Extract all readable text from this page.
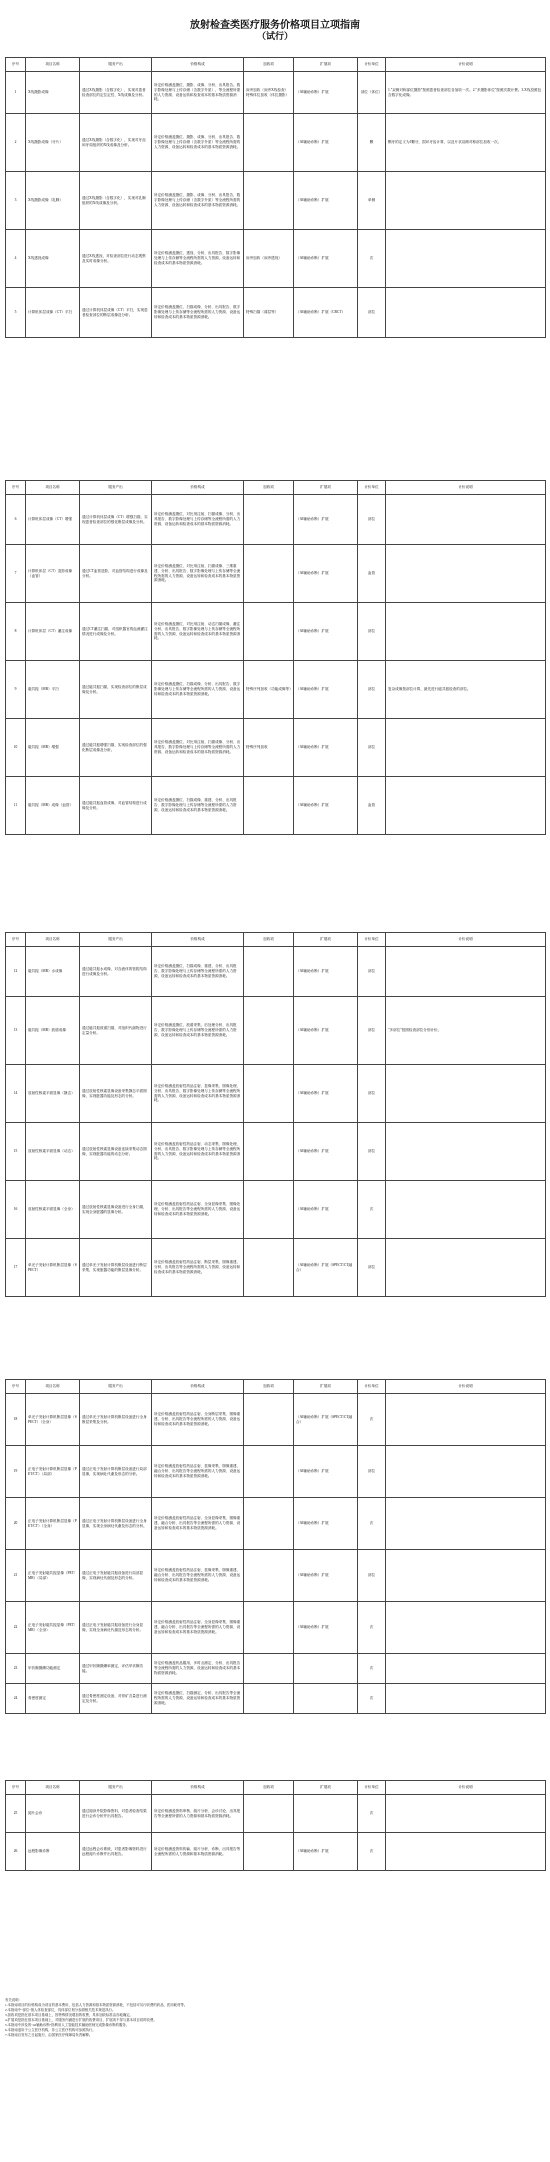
放射检查类医疗服务价格项目立项指南
（试行）
序号	项目名称	服务产出	价格构成	加收项	扩展项	计价单位	计价说明
1	X线摄影成像	通过X线摄影（含数字化），实现对患者检查部位的定位定性、X线成像及分析。	所定价格涵盖摄位、摄影、成像、分析、出具报告。数字影像处理与上传存储（含数字介质），等全流程所需的人力资源、设备运转和检查成本的基本物质资源消耗。	床旁加收（床旁X线检查）特殊体位加收（体位摄影）	（AI辅助诊断）扩展	部位（体位）	1."双侧对称部位摄影"按照患者检查部位各加收一次。2."多摄影体位"按照次数计费。3.X线投照包含数字化成像。
2	X线摄影成像（牙片）	通过X线摄影（含数字化），实现对牙齿和牙周组织的X线成像及分析。	所定价格涵盖摄位、摄影、成像、分析、出具报告、数字影像处理与上传存储（含数字介质）等全流程所需的人力资源、设备运转和检查成本的基本物质资源消耗。		（AI辅助诊断）扩展	颗	颗牙的定义为1颗牙，损坏牙齿计算，以及片状双侧对称部位加收一次。
3	X线摄影成像（乳腺）	通过X线摄影（含数字化），实现对乳腺组织的X线成像及分析。	所定价格涵盖摄位、摄影、成像、分析、出具报告、数字影像处理与上传存储（含数字介质）等全流程所需的人力资源、设备运转和检查成本的基本物质资源消耗。		（AI辅助诊断）扩展	单侧	
4	X线透视成像	通过X线透视，对检查部位进行动态观察及实时成像分析。	所定价格涵盖摄位、透视、分析、出具报告、数字影像处理与上传存储等全流程所需的人力资源、设备运转和检查成本的基本物质资源消耗。	床旁加收（床旁透视）	（AI辅助诊断）扩展	次	
5	计算机体层成像（CT）平扫	通过计算机体层成像（CT）平扫，实现患者检查部位的断层成像及分析。	所定价格涵盖摄位、扫描成像、分析、出具报告、数字影像处理与上传存储等全流程所需的人力资源、设备运转和检查成本的基本物质资源消耗。	特殊扫描（薄层等）	（AI辅助诊断）扩展（CBCT）	部位	
序号	项目名称	服务产出	价格构成	加收项	扩展项	计价单位	计价说明
6	计算机体层成像（CT）增强	通过计算机体层成像（CT）增强扫描，实现患者检查部位的强化断层成像及分析。	所定价格涵盖摄位、对比剂注射、扫描成像、分析、出具报告、数字影像处理与上传存储等全流程所需的人力资源、设备运转和检查成本的基本物质资源消耗。		（AI辅助诊断）扩展	部位	
7	计算机体层（CT）造影成像（血管）	通过CT血管造影，对血管结构进行成像及分析。	所定价格涵盖摄位、对比剂注射、扫描成像、三维重建、分析、出具报告、数字影像处理与上传存储等全流程所需的人力资源、设备运转和检查成本的基本物质资源消耗。		（AI辅助诊断）扩展	血管	
8	计算机体层（CT）灌注成像	通过CT灌注扫描，对组织器官的血流灌注情况进行成像及分析。	所定价格涵盖摄位、对比剂注射、动态扫描成像、灌注分析、出具报告、数字影像处理与上传存储等全流程所需的人力资源、设备运转和检查成本的基本物质资源消耗。		（AI辅助诊断）扩展	部位	
9	磁共振（MR）平扫	通过磁共振扫描，实现检查部位的断层成像及分析。	所定价格涵盖摄位、扫描成像、分析、出具报告、数字影像处理与上传存储等全流程所需的人力资源、设备运转和检查成本的基本物质资源消耗。	特殊序列加收（功能成像等）	（AI辅助诊断）扩展	部位	复杂成像按部位计算，最先进行磁共振检查的部位。
10	磁共振（MR）增强	通过磁共振增强扫描，实现检查部位的强化断层成像及分析。	所定价格涵盖摄位、对比剂注射、扫描成像、分析、出具报告、数字影像处理与上传存储等全流程所需的人力资源、设备运转和检查成本的基本物质资源消耗。	特殊序列加收	（AI辅助诊断）扩展	部位	
11	磁共振（MR）成像（血管）	通过磁共振血管成像，对血管结构进行成像及分析。	所定价格涵盖摄位、扫描成像、重建、分析、出具报告、数字影像处理与上传存储等全流程所需的人力资源、设备运转和检查成本的基本物质资源消耗。		（AI辅助诊断）扩展	血管	
序号	项目名称	服务产出	价格构成	加收项	扩展项	计价单位	计价说明
12	磁共振（MR）水成像	通过磁共振水成像，对含液体的管腔结构进行成像及分析。	所定价格涵盖摄位、扫描成像、重建、分析、出具报告、数字影像处理与上传存储等全流程所需的人力资源、设备运转和检查成本的基本物质资源消耗。		（AI辅助诊断）扩展	部位	
13	磁共振（MR）波谱成像	通过磁共振波谱扫描，对组织代谢物进行定量分析。	所定价格涵盖摄位、波谱采集、后处理分析、出具报告、数字影像处理与上传存储等全流程所需的人力资源、设备运转和检查成本的基本物质资源消耗。		（AI辅助诊断）扩展	部位	"多部位"按照检查部位分别计价。
14	放射性核素平面显像（静态）	通过放射性核素显像设备采集静态平面图像，实现脏器功能及形态的分析。	所定价格涵盖放射性药品注射、显像采集、图像处理、分析、出具报告、数字影像处理与上传存储等全流程所需的人力资源、设备运转和检查成本的基本物质资源消耗。		（AI辅助诊断）扩展	部位	
15	放射性核素平面显像（动态）	通过放射性核素显像设备连续采集动态图像，实现脏器功能的动态分析。	所定价格涵盖放射性药品注射、动态采集、图像处理、分析、出具报告、数字影像处理与上传存储等全流程所需的人力资源、设备运转和检查成本的基本物质资源消耗。		（AI辅助诊断）扩展	部位	
16	放射性核素平面显像（全身）	通过放射性核素显像设备进行全身扫描，实现全身脏器的显像分析。	所定价格涵盖放射性药品注射、全身显像采集、图像处理、分析、出具报告等全流程所需的人力资源、设备运转和检查成本的基本物质资源消耗。		（AI辅助诊断）扩展	次	
17	单光子发射计算机断层显像（SPECT）	通过单光子发射计算机断层设备进行断层采集，实现脏器功能的断层显像分析。	所定价格涵盖放射性药品注射、断层采集、图像重建、分析、出具报告等全流程所需的人力资源、设备运转和检查成本的基本物质资源消耗。		（AI辅助诊断）扩展（SPECT/CT融合）	部位	
序号	项目名称	服务产出	价格构成	加收项	扩展项	计价单位	计价说明
18	单光子发射计算机断层显像（SPECT）（全身）	通过单光子发射计算机断层设备进行全身断层采集及分析。	所定价格涵盖放射性药品注射、全身断层采集、图像重建、分析、出具报告等全流程所需的人力资源、设备运转和检查成本的基本物质资源消耗。		（AI辅助诊断）扩展（SPECT/CT融合）	次	
19	正电子发射计算机断层显像（PET/CT）（局部）	通过正电子发射计算机断层设备进行局部显像，实现病灶代谢及形态的分析。	所定价格涵盖放射性药品注射、显像采集、图像重建、融合分析、出具报告等全流程所需的人力资源、设备运转和检查成本的基本物质资源消耗。		（AI辅助诊断）扩展	部位	
20	正电子发射计算机断层显像（PET/CT）（全身）	通过正电子发射计算机断层设备进行全身显像，实现全身病灶代谢及形态的分析。	所定价格涵盖放射性药品注射、全身显像采集、图像重建、融合分析、出具报告等全流程所需的人力资源、设备运转和检查成本的基本物质资源消耗。		（AI辅助诊断）扩展	次	
21	正电子发射磁共振显像（PET/MR）（局部）	通过正电子发射磁共振设备进行局部显像，实现病灶代谢及形态的分析。	所定价格涵盖放射性药品注射、显像采集、图像重建、融合分析、出具报告等全流程所需的人力资源、设备运转和检查成本的基本物质资源消耗。		（AI辅助诊断）扩展	部位	
22	正电子发射磁共振显像（PET/MR）（全身）	通过正电子发射磁共振设备进行全身显像，实现全身病灶代谢及形态的分析。	所定价格涵盖放射性药品注射、全身显像采集、图像重建、融合分析、出具报告等全流程所需的人力资源、设备运转和检查成本的基本物质资源消耗。		（AI辅助诊断）扩展	次	
23	甲状腺摄碘功能测定	通过甲状腺摄碘率测定，评估甲状腺功能。	所定价格涵盖药品服用、多时点测定、分析、出具报告等全流程所需的人力资源、设备运转和检查成本的基本物质资源消耗。			次	
24	骨密度测定	通过骨密度测定设备，对骨矿含量进行测定及分析。	所定价格涵盖摄位、扫描测定、分析、出具报告等全流程所需的人力资源、设备运转和检查成本的基本物质资源消耗。			次	
序号	项目名称	服务产出	价格构成	加收项	扩展项	计价单位	计价说明
25	阅片会诊	通过阅读外院影像资料，对患者检查结果进行会诊分析并出具报告。	所定价格涵盖资料审核、阅片分析、会诊讨论、出具报告等全流程所需的人力资源和基本物质资源消耗。			次	
26	远程影像诊断	通过远程会诊系统，对患者影像资料进行远程阅片诊断并出具报告。	所定价格涵盖资料传输、阅片分析、诊断、出具报告等全流程所需的人力资源和基本物质资源消耗。		（AI辅助诊断）扩展	次	

有关说明：

1.本指南项目的价格构成为项目的基本费用，包括人力资源和基本物质资源消耗，不包括可另行收费的药品、医用耗材等。

2.本指南中"部位"指人体检查部位，具体部位划分参照相关技术规范执行。

3.加收项是指在基本项目基础上，因特殊情况增加的收费，具体加收标准由各地确定。

4.扩展项是指在基本项目基础上，对服务内涵进行扩展的收费项目，扩展项不得与基本项目同时收费。

5.本指南中涉及的"AI辅助诊断"指利用人工智能技术辅助医师完成影像诊断的服务。

6.本指南适用于公立医疗机构，非公立医疗机构可参照执行。

7.本指南自发布之日起施行，由国家医疗保障局负责解释。
